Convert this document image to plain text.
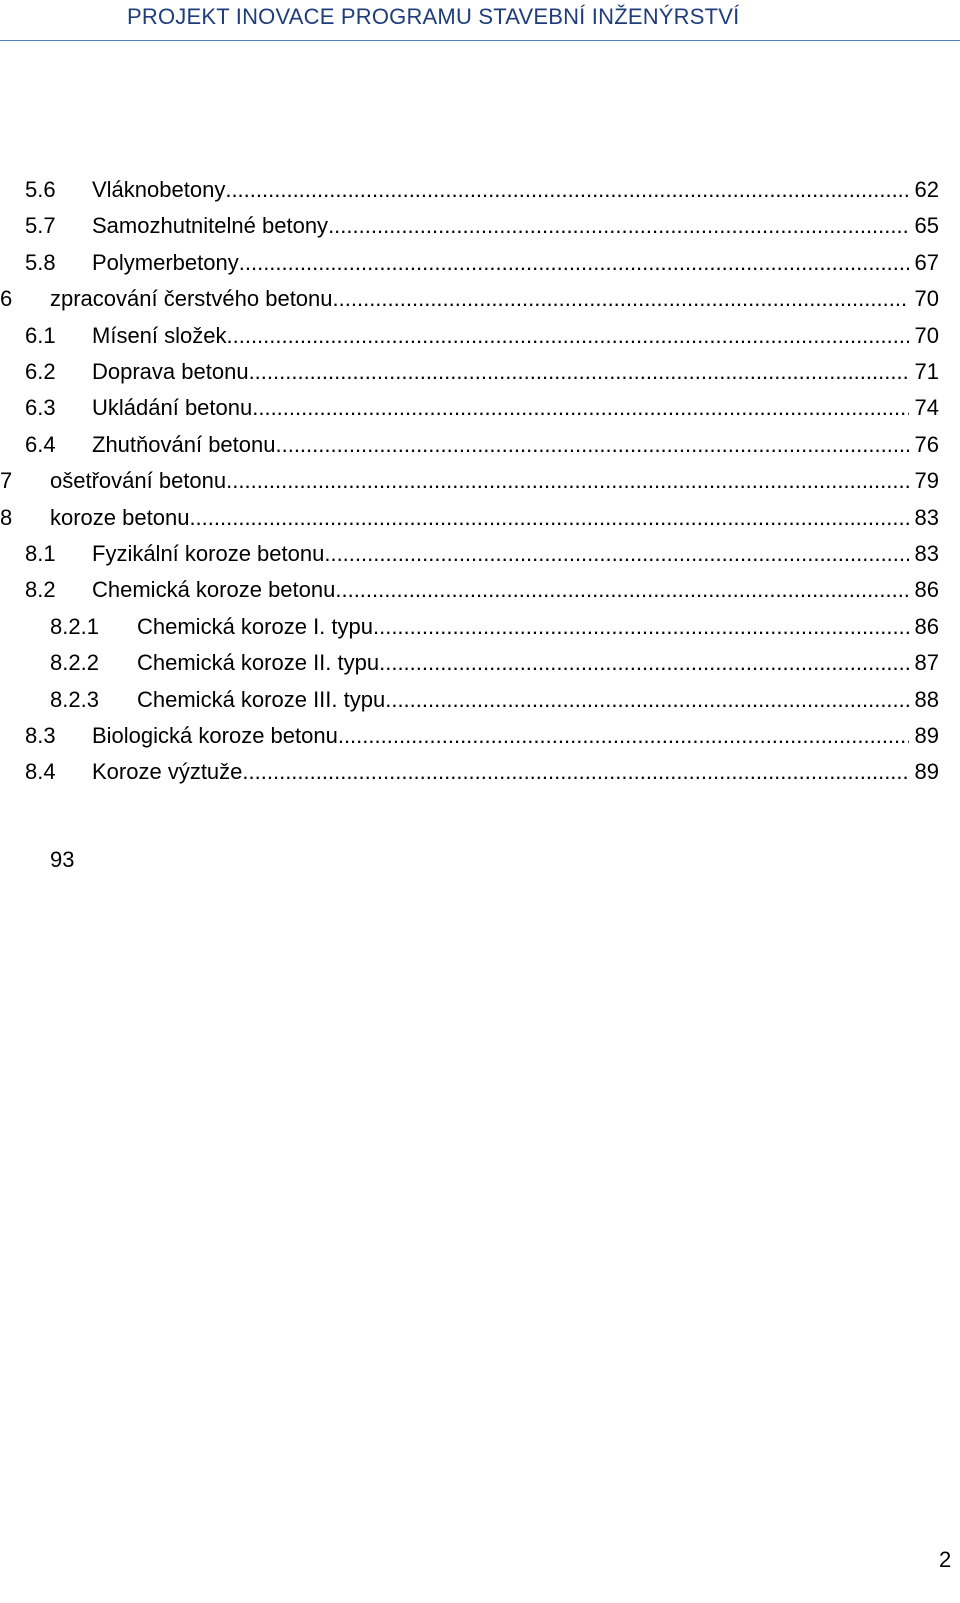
PROJEKT INOVACE PROGRAMU STAVEBNÍ INŽENÝRSTVÍ
5.6 Vláknobetony .....	62
5.7 Samozhutnitelné betony .....	65
5.8 Polymerbetony .....	67
6 zpracování čerstvého betonu .....	70
6.1 Mísení složek .....	70
6.2 Doprava betonu .....	71
6.3 Ukládání betonu .....	74
6.4 Zhutňování betonu .....	76
7 ošetřování betonu .....	79
8 koroze betonu .....	83
8.1 Fyzikální koroze betonu .....	83
8.2 Chemická koroze betonu .....	86
8.2.1 Chemická koroze I. typu .....	86
8.2.2 Chemická koroze II. typu .....	87
8.2.3 Chemická koroze III. typu .....	88
8.3 Biologická koroze betonu .....	89
8.4 Koroze výztuže .....	89
93
2
